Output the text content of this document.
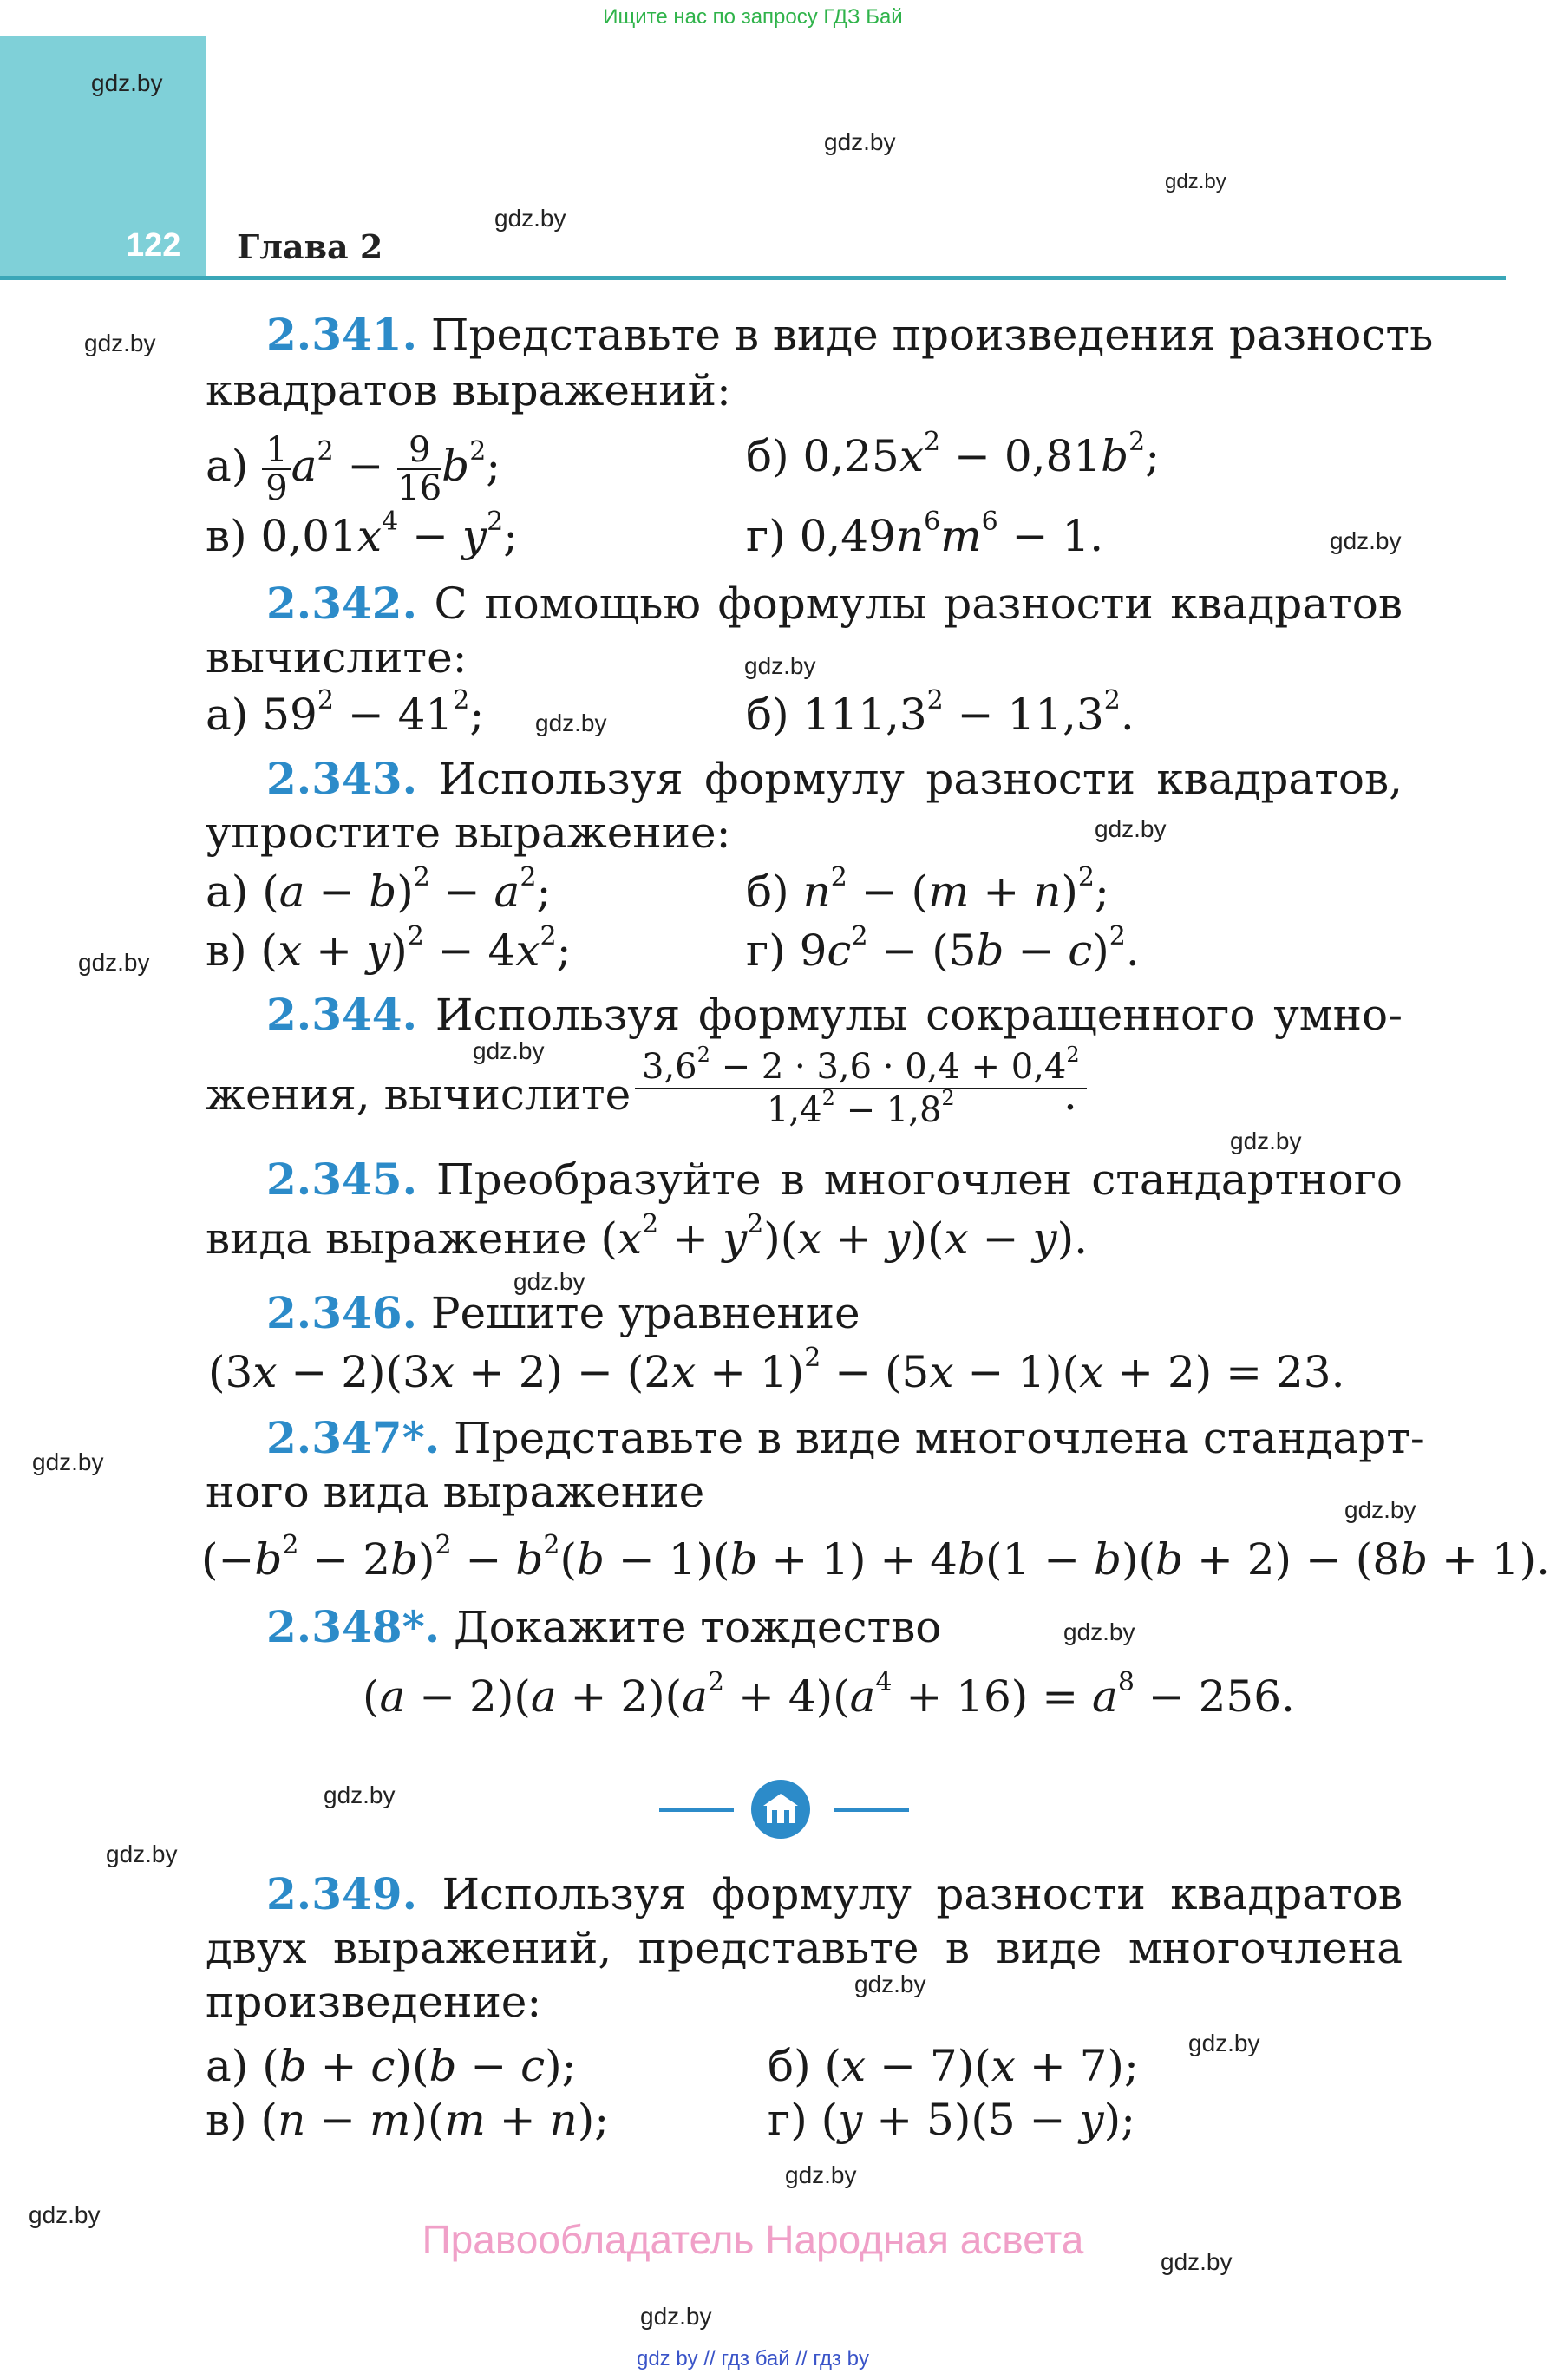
Ищите нас по запросу ГДЗ Бай
122 Глава 2
gdz.by
gdz.by
gdz.by
gdz.by
gdz.by
gdz.by
gdz.by
gdz.by
gdz.by
gdz.by
gdz.by
gdz.by
gdz.by
gdz.by
gdz.by
gdz.by
gdz.by
gdz.by
gdz.by
gdz.by
gdz.by
gdz.by
gdz.by
gdz.by
2.341. Представьте в виде произведения разность
квадратов выражений:
$а) \frac{1}{9} a^2 - \frac{9}{16} b^2$;	б) $0,25x^2 - 0,81b^2$;
в) $0,01x^4 - y^2$;	г) $0,49n^6m^6 - 1$.
2.342. С помощью формулы разности квадратов
вычислите:
а) $59^2 - 41^2$;	б) $111,3^2 - 11,3^2$.
2.343. Используя формулу разности квадратов,
упростите выражение:
а) $(a - b)^2 - a^2$;	б) $n^2 - (m + n)^2$;
в) $(x + y)^2 - 4x^2$;	г) $9c^2 - (5b - c)^2$.
2.344. Используя формулы сокращенного умно-
жения, вычислите
$3,6^2 - 2 \cdot 3,6 \cdot 0,4 + 0,4^2$
$1,4^2 - 1,8^2$	.
2.345. Преобразуйте в многочлен стандартного
вида выражение $(x^2 + y^2)(x + y)(x - y)$.
2.346. Решите уравнение
$(3x - 2)(3x + 2) - (2x + 1)^2 - (5x - 1)(x + 2) = 23$.
2.347*. Представьте в виде многочлена стандарт-
ного вида выражение
$(-b^2 - 2b)^2 - b^2(b - 1)(b + 1) + 4b(1 - b)(b + 2) - (8b + 1)$.
2.348*. Докажите тождество
$(a - 2)(a + 2)(a^2 + 4)(a^4 + 16) = a^8 - 256$.
2.349. Используя формулу разности квадратов
двух выражений, представьте в виде многочлена
произведение:
а) (b + c)(b − c);	б) (x − 7)(x + 7);
в) (n − m)(m + n);	г) (y + 5)(5 − y);
Правообладатель Народная асвета
gdz by // гдз бай // гдз by
